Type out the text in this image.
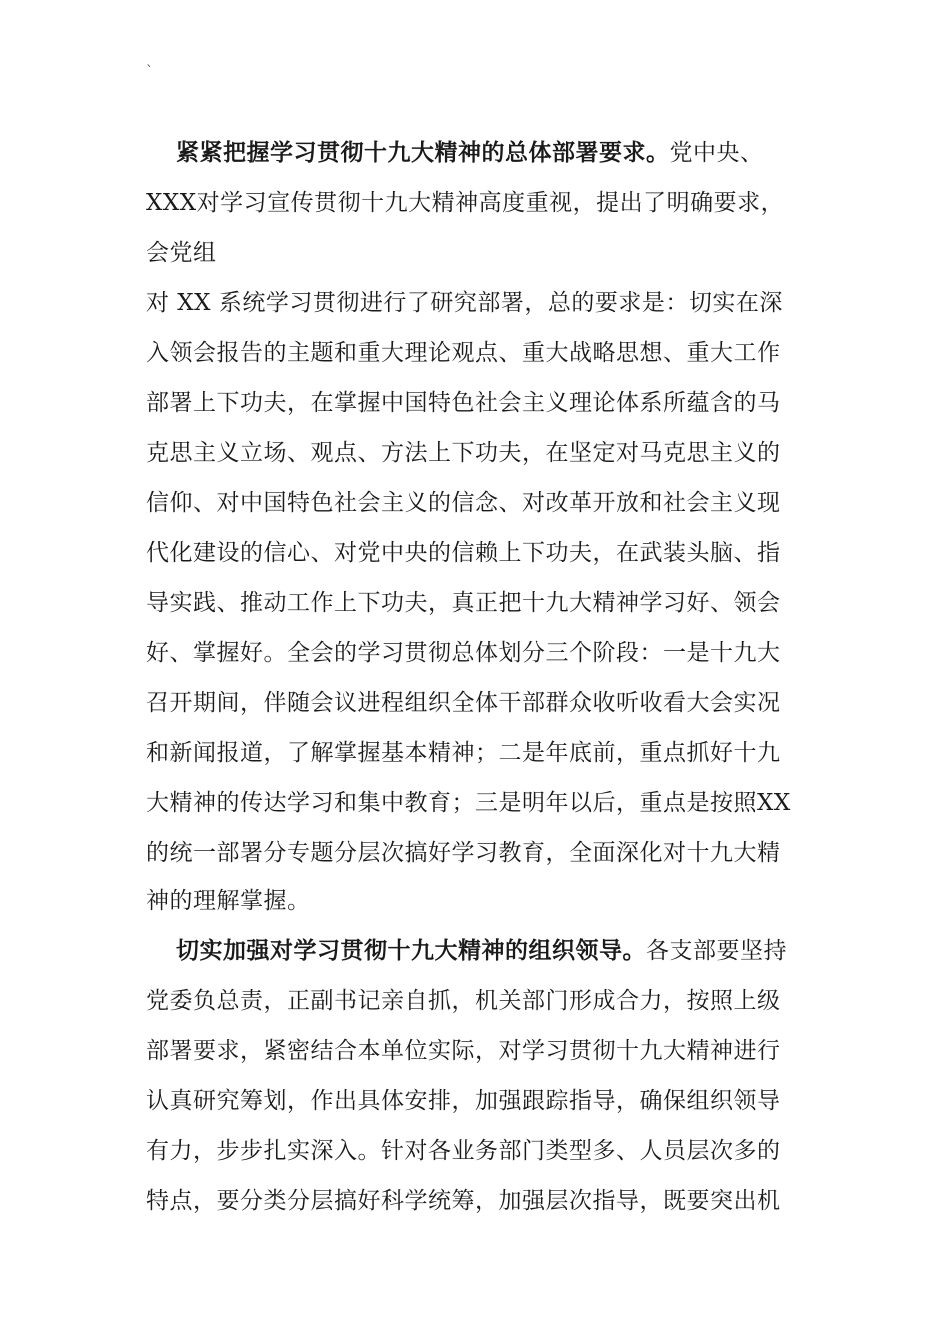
`
紧紧把握学习贯彻十九大精神的总体部署要求。党中央、
XXX对学习宣传贯彻十九大精神高度重视，提出了明确要求，
会党组
对 XX 系统学习贯彻进行了研究部署，总的要求是：切实在深
入领会报告的主题和重大理论观点、重大战略思想、重大工作
部署上下功夫，在掌握中国特色社会主义理论体系所蕴含的马
克思主义立场、观点、方法上下功夫，在坚定对马克思主义的
信仰、对中国特色社会主义的信念、对改革开放和社会主义现
代化建设的信心、对党中央的信赖上下功夫，在武装头脑、指
导实践、推动工作上下功夫，真正把十九大精神学习好、领会
好、掌握好。全会的学习贯彻总体划分三个阶段：一是十九大
召开期间，伴随会议进程组织全体干部群众收听收看大会实况
和新闻报道，了解掌握基本精神；二是年底前，重点抓好十九
大精神的传达学习和集中教育；三是明年以后，重点是按照XX
的统一部署分专题分层次搞好学习教育，全面深化对十九大精
神的理解掌握。
切实加强对学习贯彻十九大精神的组织领导。各支部要坚持
党委负总责，正副书记亲自抓，机关部门形成合力，按照上级
部署要求，紧密结合本单位实际，对学习贯彻十九大精神进行
认真研究筹划，作出具体安排，加强跟踪指导，确保组织领导
有力，步步扎实深入。针对各业务部门类型多、人员层次多的
特点，要分类分层搞好科学统筹，加强层次指导，既要突出机
